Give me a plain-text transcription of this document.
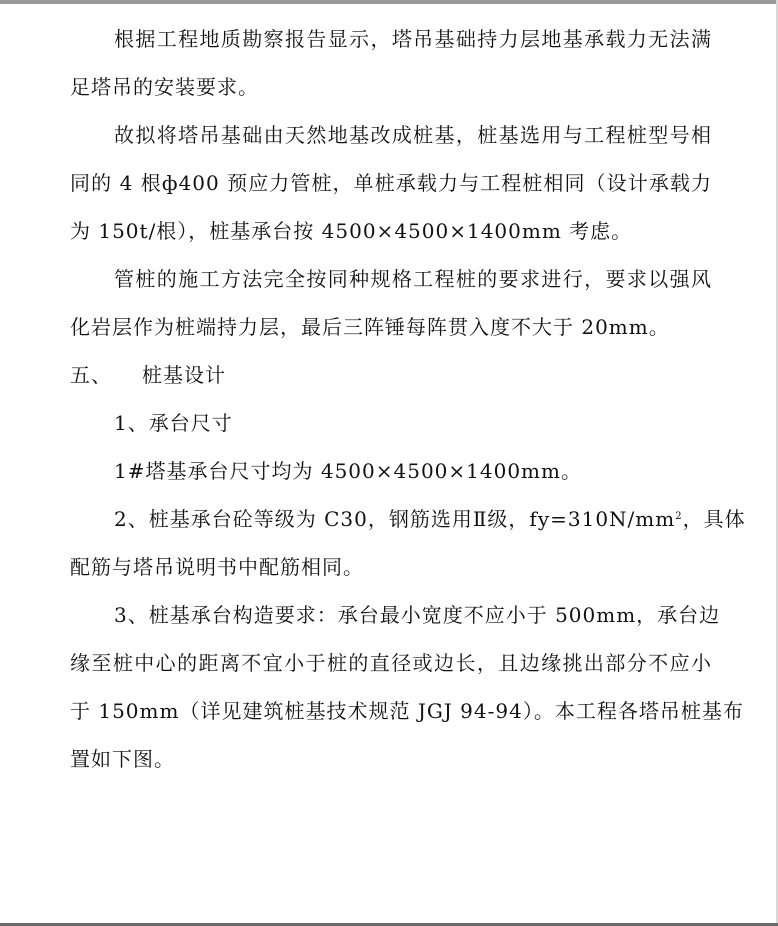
根据工程地质勘察报告显示，塔吊基础持力层地基承载力无法满
足塔吊的安装要求。
故拟将塔吊基础由天然地基改成桩基，桩基选用与工程桩型号相
同的 4 根ф400 预应力管桩，单桩承载力与工程桩相同（设计承载力
为 150t/根），桩基承台按 4500×4500×1400mm 考虑。
管桩的施工方法完全按同种规格工程桩的要求进行，要求以强风
化岩层作为桩端持力层，最后三阵锤每阵贯入度不大于 20mm。
五、 桩基设计
1、承台尺寸
1#塔基承台尺寸均为 4500×4500×1400mm。
2、桩基承台砼等级为 C30，钢筋选用Ⅱ级，$fy=310N/mm^2$，具体
配筋与塔吊说明书中配筋相同。
3、桩基承台构造要求：承台最小宽度不应小于 500mm，承台边
缘至桩中心的距离不宜小于桩的直径或边长，且边缘挑出部分不应小
于 150mm（详见建筑桩基技术规范 JGJ 94-94）。本工程各塔吊桩基布
置如下图。
